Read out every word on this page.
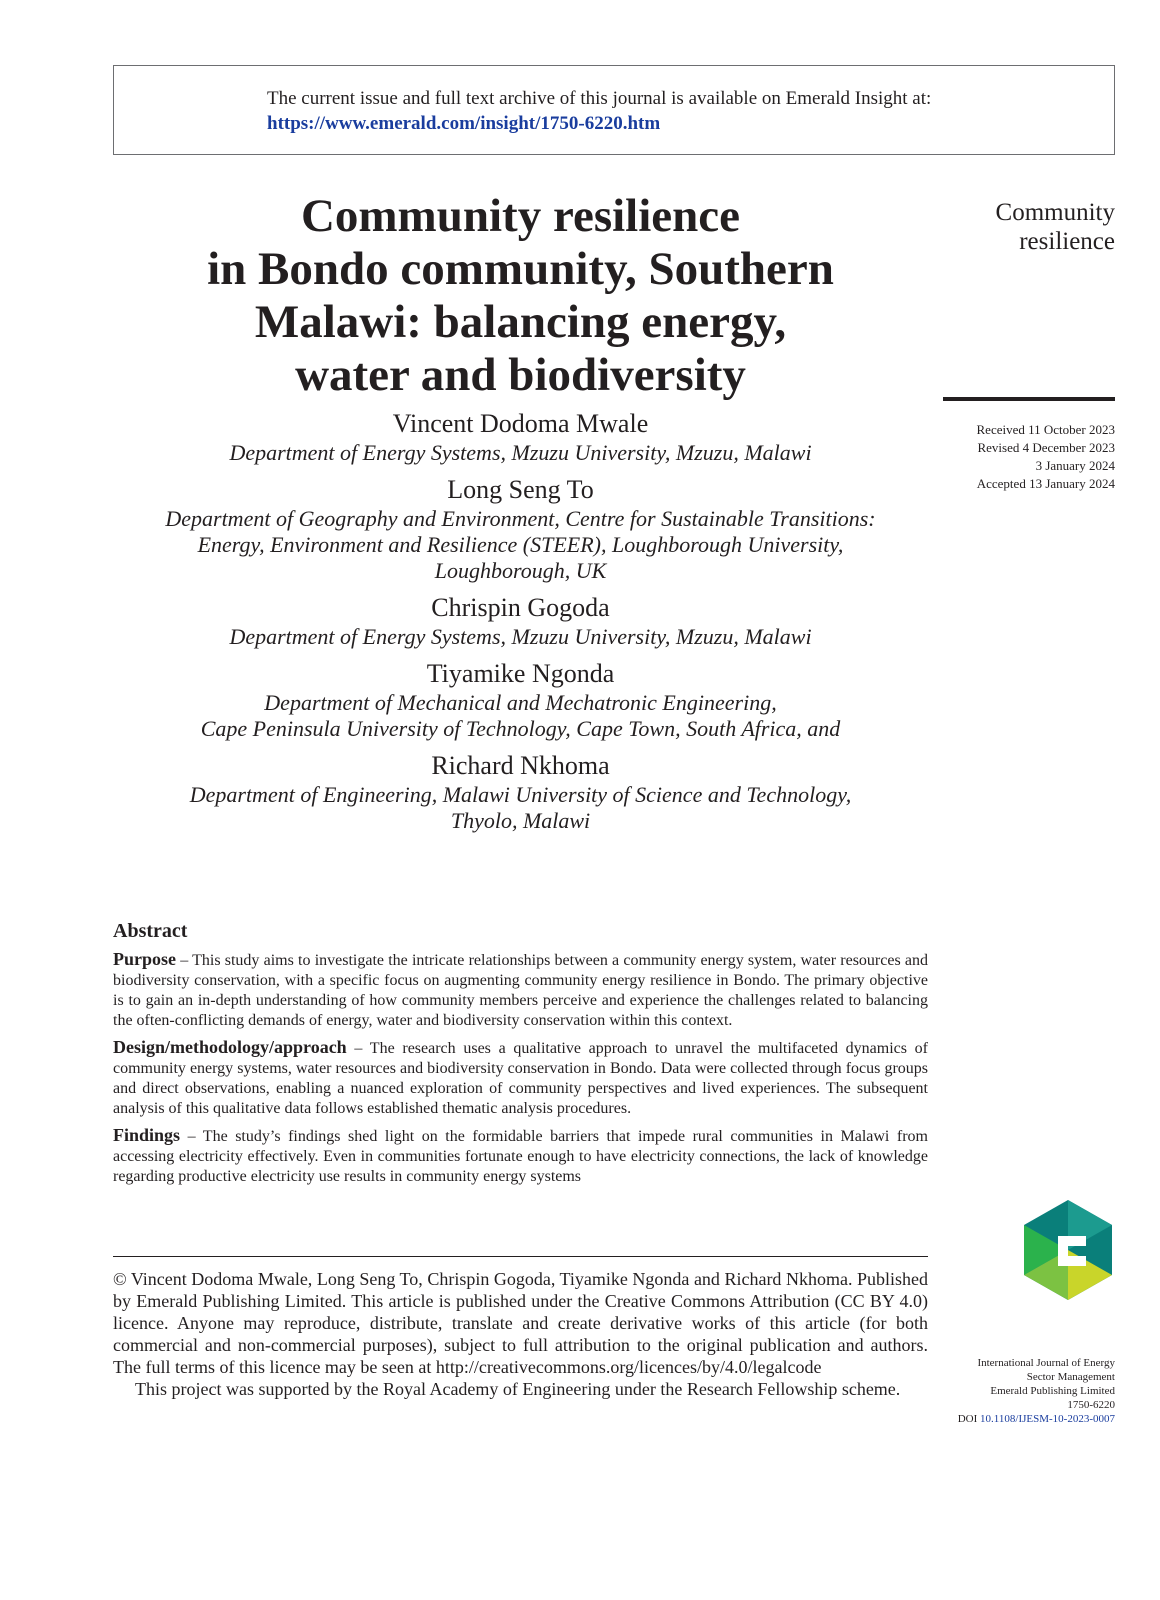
The current issue and full text archive of this journal is available on Emerald Insight at:
https://www.emerald.com/insight/1750-6220.htm
Community resilience
in Bondo community, Southern
Malawi: balancing energy,
water and biodiversity
Community
resilience
Received 11 October 2023
Revised 4 December 2023
3 January 2024
Accepted 13 January 2024
Vincent Dodoma Mwale
Department of Energy Systems, Mzuzu University, Mzuzu, Malawi
Long Seng To
Department of Geography and Environment, Centre for Sustainable Transitions:
Energy, Environment and Resilience (STEER), Loughborough University,
Loughborough, UK
Chrispin Gogoda
Department of Energy Systems, Mzuzu University, Mzuzu, Malawi
Tiyamike Ngonda
Department of Mechanical and Mechatronic Engineering,
Cape Peninsula University of Technology, Cape Town, South Africa, and
Richard Nkhoma
Department of Engineering, Malawi University of Science and Technology,
Thyolo, Malawi
Abstract

Purpose – This study aims to investigate the intricate relationships between a community energy system, water resources and biodiversity conservation, with a specific focus on augmenting community energy resilience in Bondo. The primary objective is to gain an in-depth understanding of how community members perceive and experience the challenges related to balancing the often-conflicting demands of energy, water and biodiversity conservation within this context.

Design/methodology/approach – The research uses a qualitative approach to unravel the multifaceted dynamics of community energy systems, water resources and biodiversity conservation in Bondo. Data were collected through focus groups and direct observations, enabling a nuanced exploration of community perspectives and lived experiences. The subsequent analysis of this qualitative data follows established thematic analysis procedures.

Findings – The study’s findings shed light on the formidable barriers that impede rural communities in Malawi from accessing electricity effectively. Even in communities fortunate enough to have electricity connections, the lack of knowledge regarding productive electricity use results in community energy systems

© Vincent Dodoma Mwale, Long Seng To, Chrispin Gogoda, Tiyamike Ngonda and Richard Nkhoma. Published by Emerald Publishing Limited. This article is published under the Creative Commons Attribution (CC BY 4.0) licence. Anyone may reproduce, distribute, translate and create derivative works of this article (for both commercial and non-commercial purposes), subject to full attribution to the original publication and authors. The full terms of this licence may be seen at http://creativecommons.org/licences/by/4.0/legalcode

This project was supported by the Royal Academy of Engineering under the Research Fellowship scheme.

International Journal of Energy
Sector Management
Emerald Publishing Limited
1750-6220
DOI 10.1108/IJESM-10-2023-0007
